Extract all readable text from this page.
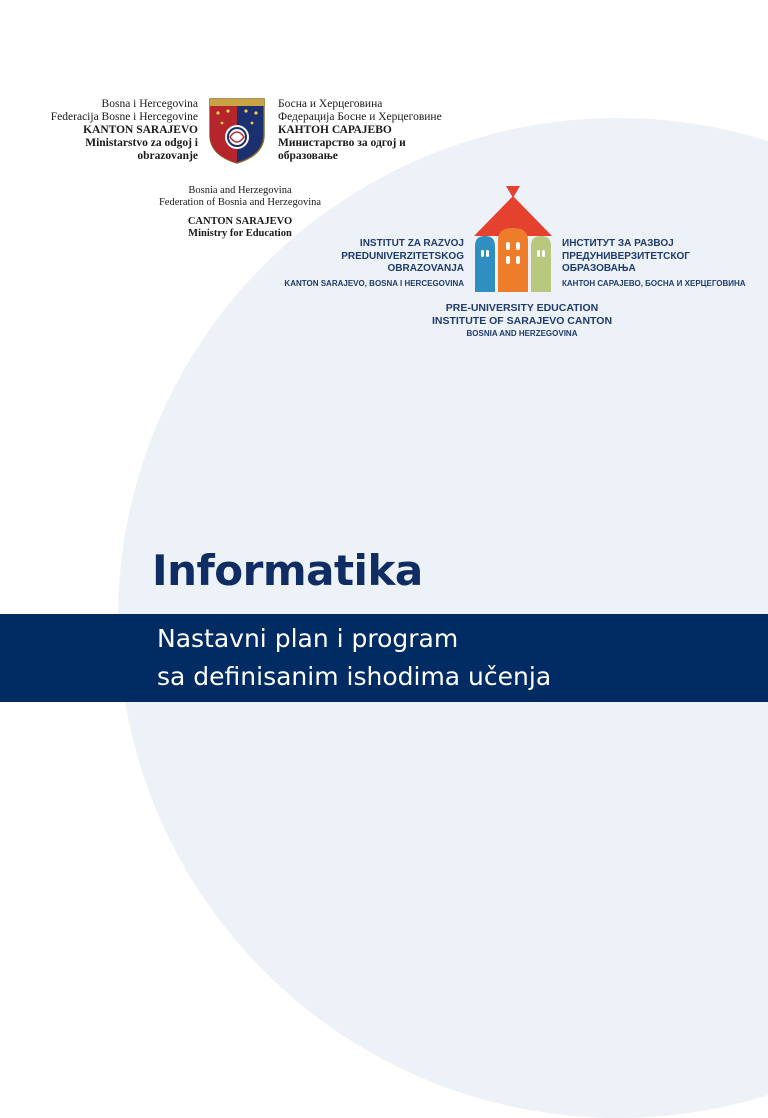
Bosna i Hercegovina
Federacija Bosne i Hercegovine
KANTON SARAJEVO
Ministarstvo za odgoj i
obrazovanje
Босна и Херцеговина
Федерација Босне и Херцеговине
КАНТОН САРАЈЕВО
Министарство за одгој и
образовање
Bosnia and Herzegovina
Federation of Bosnia and Herzegovina
CANTON SARAJEVO
Ministry for Education
INSTITUT ZA RAZVOJ
PREDUNIVERZITETSKOG
OBRAZOVANJA
KANTON SARAJEVO, BOSNA I HERCEGOVINA
ИНСТИТУТ ЗА РАЗВОЈ
ПРЕДУНИВЕРЗИТЕТСКОГ
ОБРАЗОВАЊА
КАНТОН САРАЈЕВО, БОСНА И ХЕРЦЕГОВИНА
PRE-UNIVERSITY EDUCATION
INSTITUTE OF SARAJEVO CANTON
BOSNIA AND HERZEGOVINA
Informatika
Nastavni plan i program
sa definisanim ishodima učenja
